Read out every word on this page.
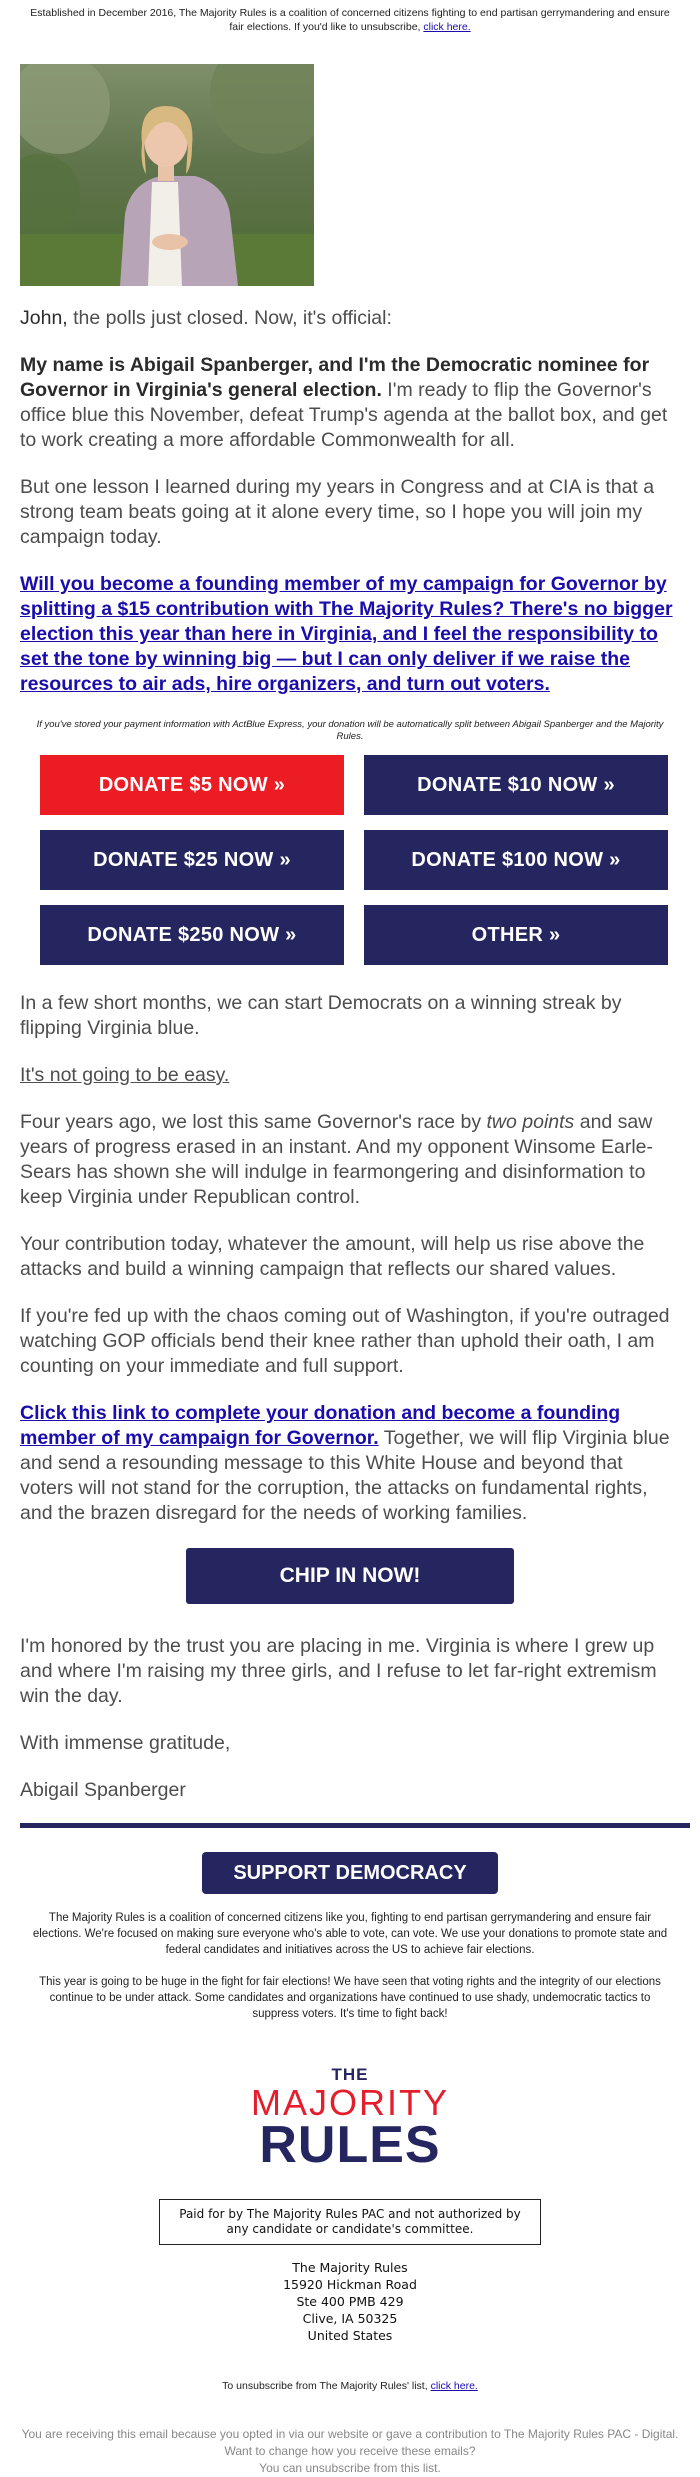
Established in December 2016, The Majority Rules is a coalition of concerned citizens fighting to end partisan gerrymandering and ensure fair elections. If you'd like to unsubscribe, click here.

John, the polls just closed. Now, it's official:

My name is Abigail Spanberger, and I'm the Democratic nominee for Governor in Virginia's general election. I'm ready to flip the Governor's office blue this November, defeat Trump's agenda at the ballot box, and get to work creating a more affordable Commonwealth for all.

But one lesson I learned during my years in Congress and at CIA is that a strong team beats going at it alone every time, so I hope you will join my campaign today.

Will you become a founding member of my campaign for Governor by splitting a $15 contribution with The Majority Rules? There's no bigger election this year than here in Virginia, and I feel the responsibility to set the tone by winning big — but I can only deliver if we raise the resources to air ads, hire organizers, and turn out voters.

If you've stored your payment information with ActBlue Express, your donation will be automatically split between Abigail Spanberger and the Majority Rules.
DONATE $5 NOW »	DONATE $10 NOW »
DONATE $25 NOW »	DONATE $100 NOW »
DONATE $250 NOW »	OTHER »

In a few short months, we can start Democrats on a winning streak by flipping Virginia blue.

It's not going to be easy.

Four years ago, we lost this same Governor's race by two points and saw years of progress erased in an instant. And my opponent Winsome Earle-Sears has shown she will indulge in fearmongering and disinformation to keep Virginia under Republican control.

Your contribution today, whatever the amount, will help us rise above the attacks and build a winning campaign that reflects our shared values.

If you're fed up with the chaos coming out of Washington, if you're outraged watching GOP officials bend their knee rather than uphold their oath, I am counting on your immediate and full support.

Click this link to complete your donation and become a founding member of my campaign for Governor. Together, we will flip Virginia blue and send a resounding message to this White House and beyond that voters will not stand for the corruption, the attacks on fundamental rights, and the brazen disregard for the needs of working families.

CHIP IN NOW!

I'm honored by the trust you are placing in me. Virginia is where I grew up and where I'm raising my three girls, and I refuse to let far-right extremism win the day.

With immense gratitude,

Abigail Spanberger

SUPPORT DEMOCRACY

The Majority Rules is a coalition of concerned citizens like you, fighting to end partisan gerrymandering and ensure fair elections. We're focused on making sure everyone who's able to vote, can vote. We use your donations to promote state and federal candidates and initiatives across the US to achieve fair elections.

This year is going to be huge in the fight for fair elections! We have seen that voting rights and the integrity of our elections continue to be under attack. Some candidates and organizations have continued to use shady, undemocratic tactics to suppress voters. It's time to fight back!

THE
MAJORITY
RULES
Paid for by The Majority Rules PAC and not authorized by any candidate or candidate's committee.
The Majority Rules
15920 Hickman Road
Ste 400 PMB 429
Clive, IA 50325
United States
To unsubscribe from The Majority Rules' list, click here.
You are receiving this email because you opted in via our website or gave a contribution to The Majority Rules PAC - Digital.
Want to change how you receive these emails?
You can unsubscribe from this list.
